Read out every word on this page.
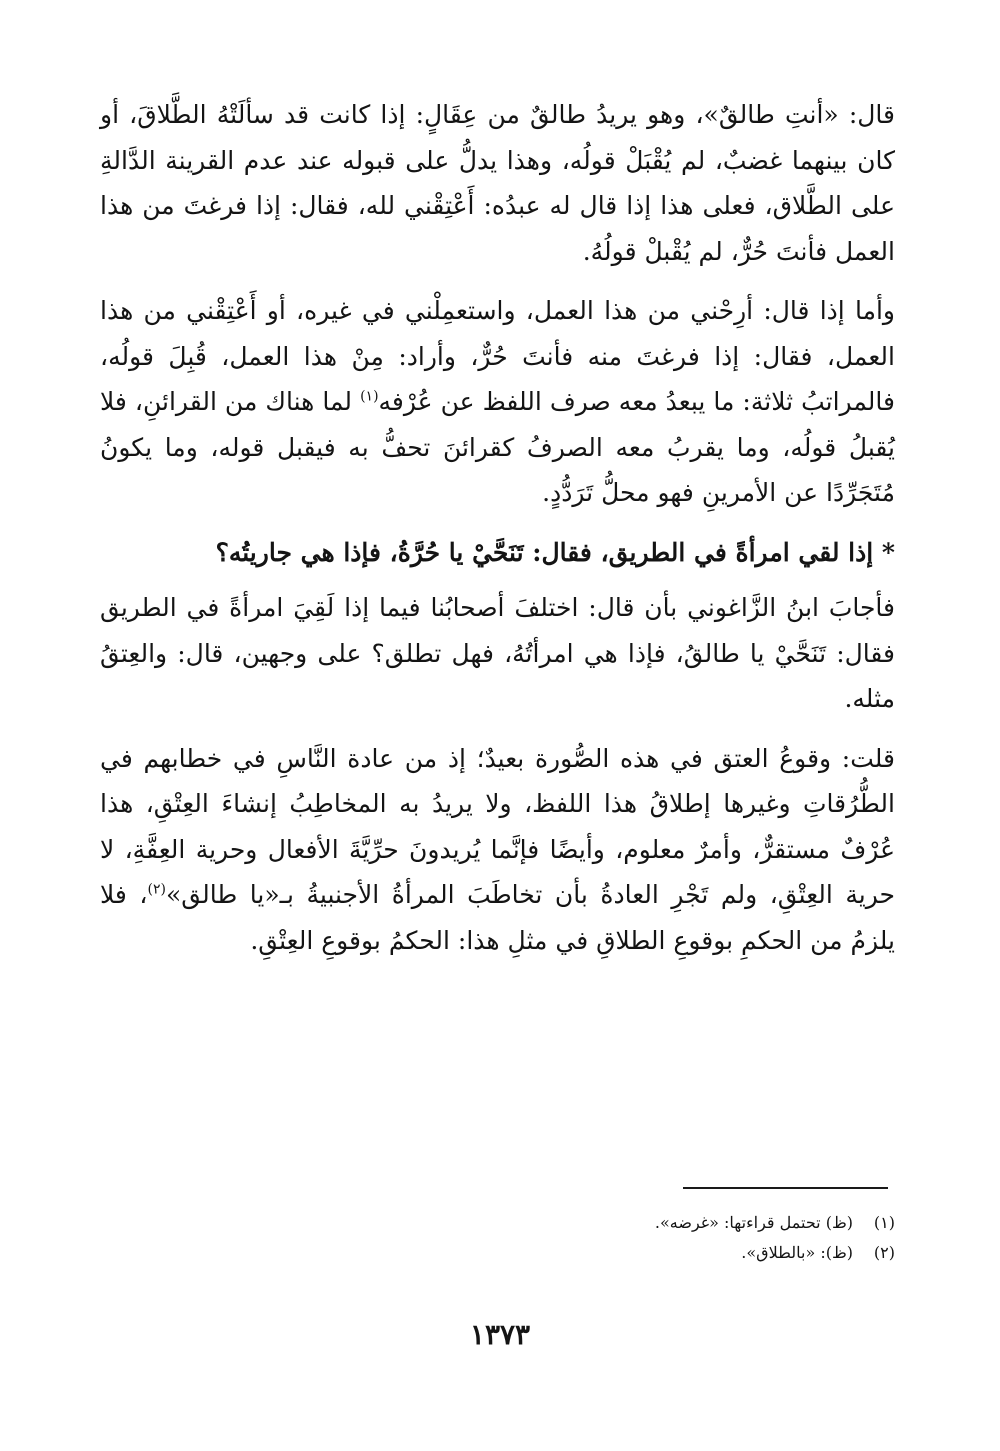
قال: «أنتِ طالقٌ»، وهو يريدُ طالقٌ من عِقَالٍ: إذا كانت قد سألَتْهُ الطَّلاقَ، أو كان بينهما غضبٌ، لم يُقْبَلْ قولُه، وهذا يدلُّ على قبوله عند عدم القرينة الدَّالةِ على الطَّلاق، فعلى هذا إذا قال له عبدُه: أَعْتِقْني لله، فقال: إذا فرغتَ من هذا العمل فأنتَ حُرٌّ، لم يُقْبلْ قولُهُ.

وأما إذا قال: أرِحْني من هذا العمل، واستعمِلْني في غيره، أو أَعْتِقْني من هذا العمل، فقال: إذا فرغتَ منه فأنتَ حُرٌّ، وأراد: مِنْ هذا العمل، قُبِلَ قولُه، فالمراتبُ ثلاثة: ما يبعدُ معه صرف اللفظ عن عُرْفه$^{(١)}$ لما هناك من القرائنِ، فلا يُقبلُ قولُه، وما يقربُ معه الصرفُ كقرائنَ تحفُّ به فيقبل قوله، وما يكونُ مُتَجَرِّدًا عن الأمرينِ فهو محلُّ تَرَدُّدٍ.

* إذا لقي امرأةً في الطريق، فقال: تَنَحَّيْ يا حُرَّةُ، فإذا هي جاريتُه؟

فأجابَ ابنُ الزَّاغوني بأن قال: اختلفَ أصحابُنا فيما إذا لَقِيَ امرأةً في الطريق فقال: تَنَحَّيْ يا طالقُ، فإذا هي امرأتُهُ، فهل تطلق؟ على وجهين، قال: والعِتقُ مثله.

قلت: وقوعُ العتق في هذه الصُّورة بعيدٌ؛ إذ من عادة النَّاسِ في خطابهم في الطُّرُقاتِ وغيرها إطلاقُ هذا اللفظ، ولا يريدُ به المخاطِبُ إنشاءَ العِتْقِ، هذا عُرْفٌ مستقرٌّ، وأمرٌ معلوم، وأيضًا فإنَّما يُريدونَ حرِّيَّةَ الأفعال وحرية العِفَّةِ، لا حرية العِتْقِ، ولم تَجْرِ العادةُ بأن تخاطَبَ المرأةُ الأجنبيةُ بـ«يا طالق»$^{(٢)}$، فلا يلزمُ من الحكمِ بوقوعِ الطلاقِ في مثلِ هذا: الحكمُ بوقوعِ العِتْقِ.

(١)(ظ) تحتمل قراءتها: «غرضه».

(٢)(ظ): «بالطلاق».

١٣٧٣
